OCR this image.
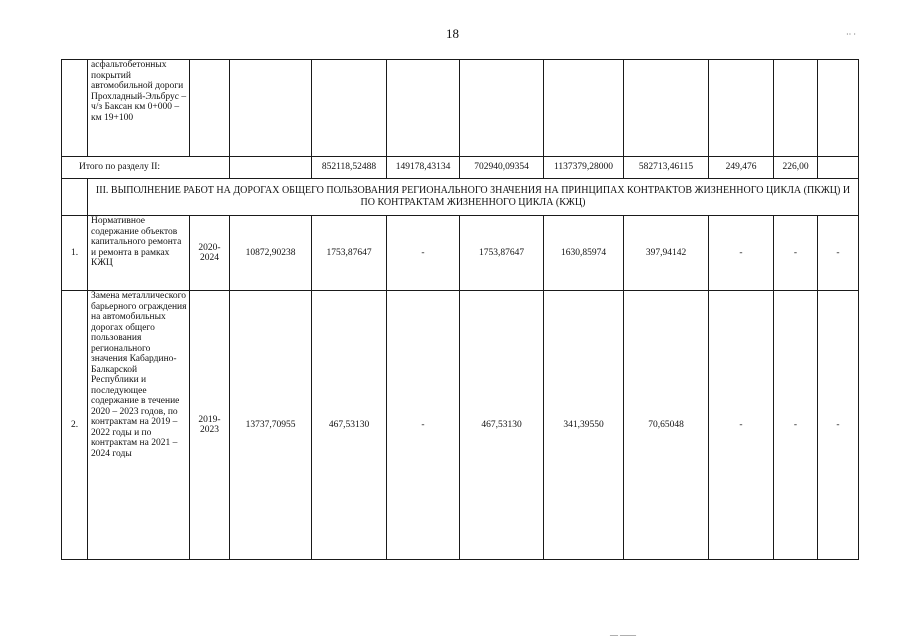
18	·· ·
— ——
	асфальтобетонных покрытий автомобильной дороги Прохладный-Эльбрус – ч/з Баксан км 0+000 – км 19+100										
Итого по разделу II:				852118,52488	149178,43134	702940,09354	1137379,28000	582713,46115	249,476	226,00	
	III. ВЫПОЛНЕНИЕ РАБОТ НА ДОРОГАХ ОБЩЕГО ПОЛЬЗОВАНИЯ РЕГИОНАЛЬНОГО ЗНАЧЕНИЯ НА ПРИНЦИПАХ КОНТРАКТОВ ЖИЗНЕННОГО ЦИКЛА (ПКЖЦ) И ПО КОНТРАКТАМ ЖИЗНЕННОГО ЦИКЛА (КЖЦ)										
1.	Нормативное содержание объектов капитального ремонта и ремонта в рамках КЖЦ	2020-2024	10872,90238	1753,87647	-	1753,87647	1630,85974	397,94142	-	-	-
2.	Замена металлического барьерного ограждения на автомобильных дорогах общего пользования регионального значения Кабардино-Балкарской Республики и последующее содержание в течение 2020 – 2023 годов, по контрактам на 2019 – 2022 годы и по контрактам на 2021 – 2024 годы	2019-2023	13737,70955	467,53130	-	467,53130	341,39550	70,65048	-	-	-
